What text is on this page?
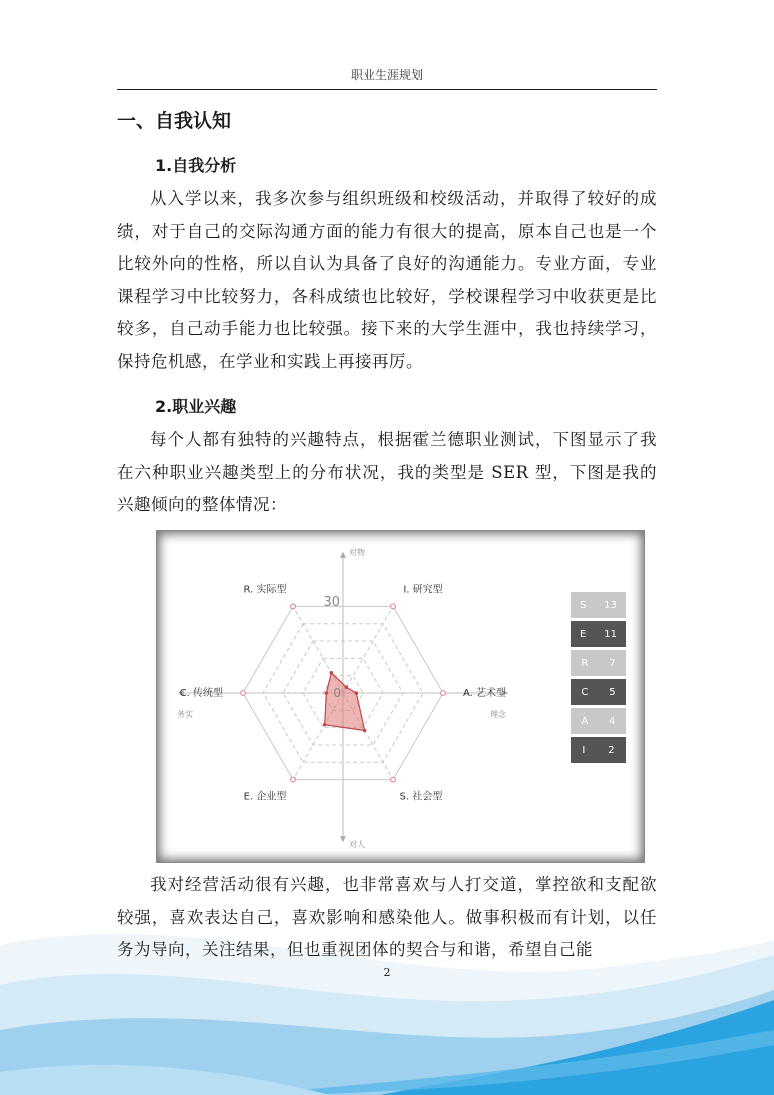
职业生涯规划
一、自我认知
1.自我分析

从入学以来，我多次参与组织班级和校级活动，并取得了较好的成绩，对于自己的交际沟通方面的能力有很大的提高，原本自己也是一个比较外向的性格，所以自认为具备了良好的沟通能力。专业方面，专业课程学习中比较努力，各科成绩也比较好，学校课程学习中收获更是比较多，自己动手能力也比较强。接下来的大学生涯中，我也持续学习，保持危机感，在学业和实践上再接再厉。

2.职业兴趣

每个人都有独特的兴趣特点，根据霍兰德职业测试，下图显示了我在六种职业兴趣类型上的分布状况，我的类型是 SER 型，下图是我的兴趣倾向的整体情况：

R. 实际型	I. 研究型
A. 艺术型
S. 社会型
E. 企业型
C. 传统型
对物
对人
务实	理念
30
0
S 13
E 11
R 7
C 5
A 4
I 2

我对经营活动很有兴趣，也非常喜欢与人打交道，掌控欲和支配欲较强，喜欢表达自己，喜欢影响和感染他人。做事积极而有计划，以任务为导向，关注结果，但也重视团体的契合与和谐，希望自己能

2
